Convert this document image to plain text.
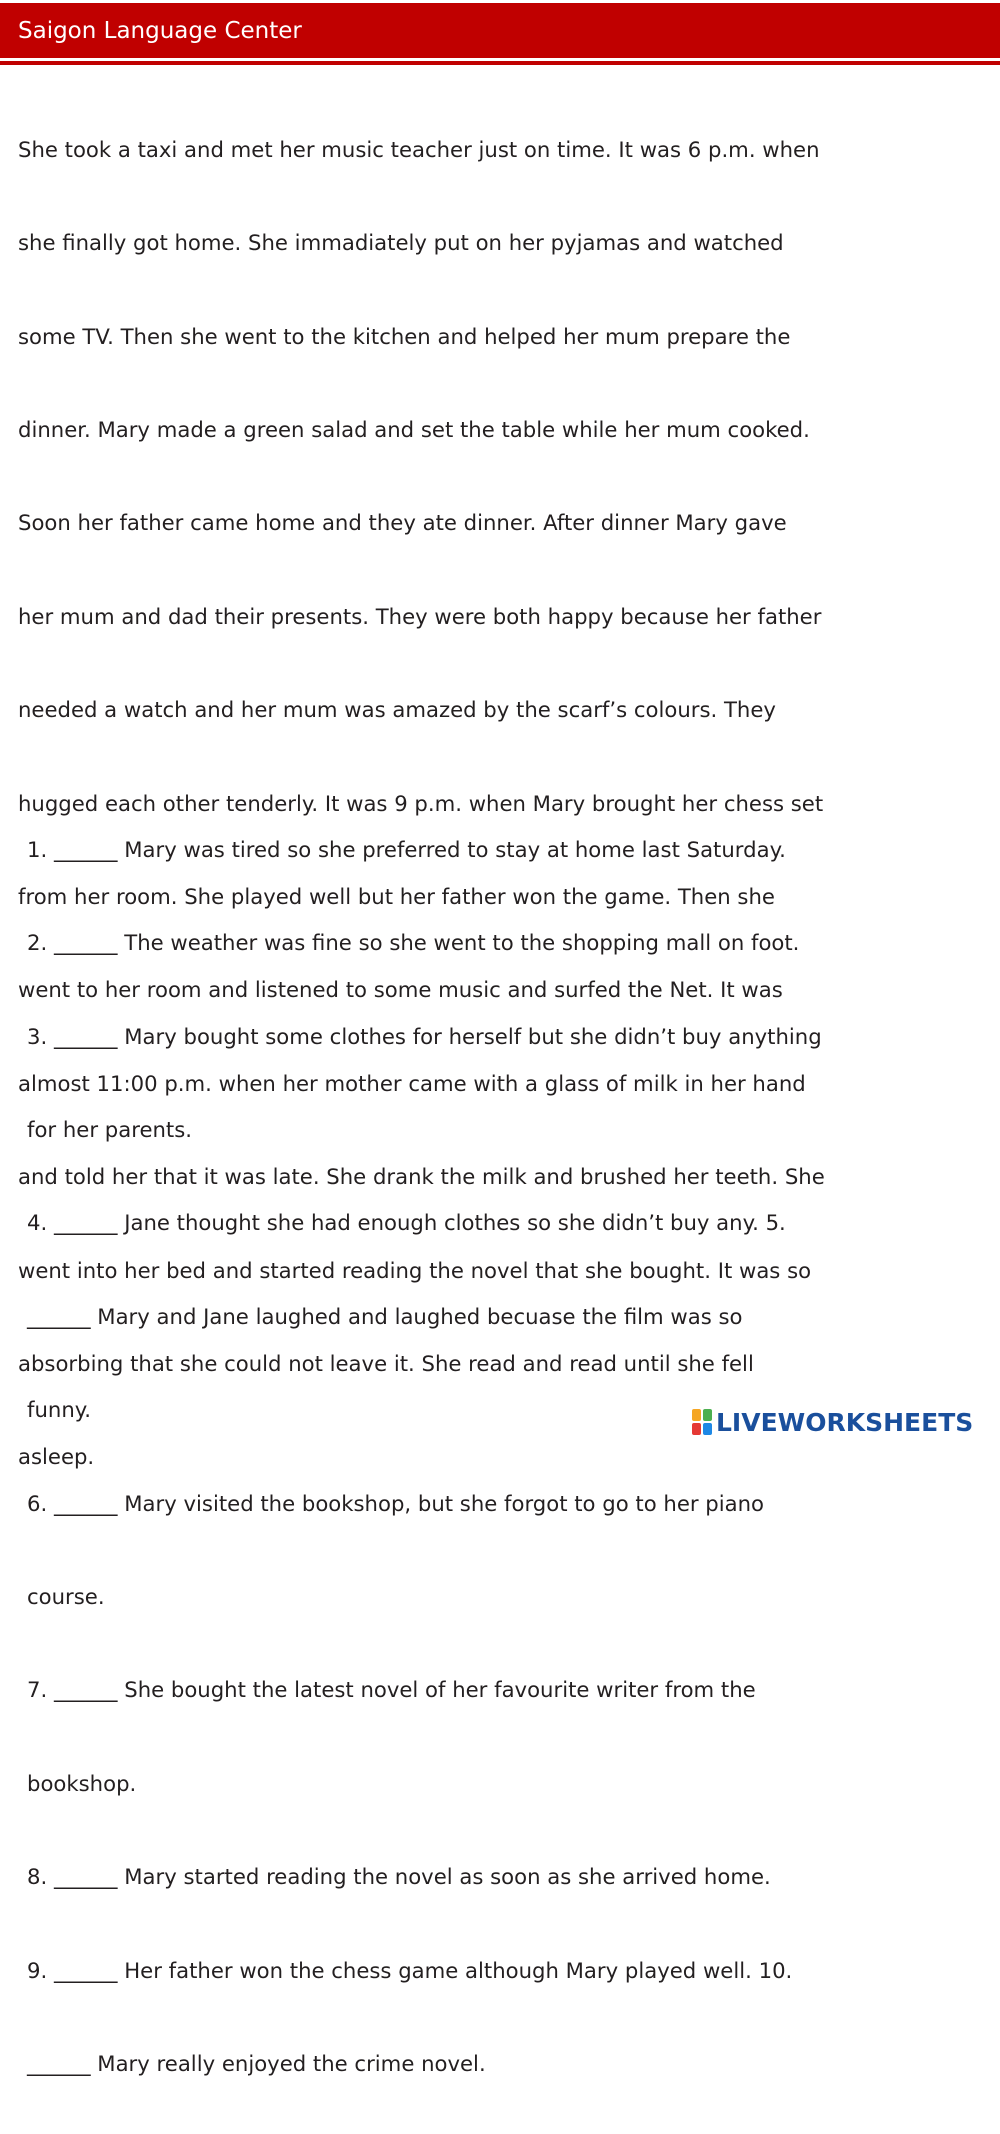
Saigon Language Center

She took a taxi and met her music teacher just on time. It was 6 p.m. when

she finally got home. She immadiately put on her pyjamas and watched

some TV. Then she went to the kitchen and helped her mum prepare the

dinner. Mary made a green salad and set the table while her mum cooked.

Soon her father came home and they ate dinner. After dinner Mary gave

her mum and dad their presents. They were both happy because her father

needed a watch and her mum was amazed by the scarf’s colours. They

hugged each other tenderly. It was 9 p.m. when Mary brought her chess set

from her room. She played well but her father won the game. Then she

went to her room and listened to some music and surfed the Net. It was

almost 11:00 p.m. when her mother came with a glass of milk in her hand

and told her that it was late. She drank the milk and brushed her teeth. She

went into her bed and started reading the novel that she bought. It was so

absorbing that she could not leave it. She read and read until she fell

asleep.

1. ______ Mary was tired so she preferred to stay at home last Saturday.

2. ______ The weather was fine so she went to the shopping mall on foot.

3. ______ Mary bought some clothes for herself but she didn’t buy anything

for her parents.

4. ______ Jane thought she had enough clothes so she didn’t buy any. 5.

______ Mary and Jane laughed and laughed becuase the film was so

funny.

6. ______ Mary visited the bookshop, but she forgot to go to her piano

course.

7. ______ She bought the latest novel of her favourite writer from the

bookshop.

8. ______ Mary started reading the novel as soon as she arrived home.

9. ______ Her father won the chess game although Mary played well. 10.

______ Mary really enjoyed the crime novel.

LIVEWORKSHEETS
